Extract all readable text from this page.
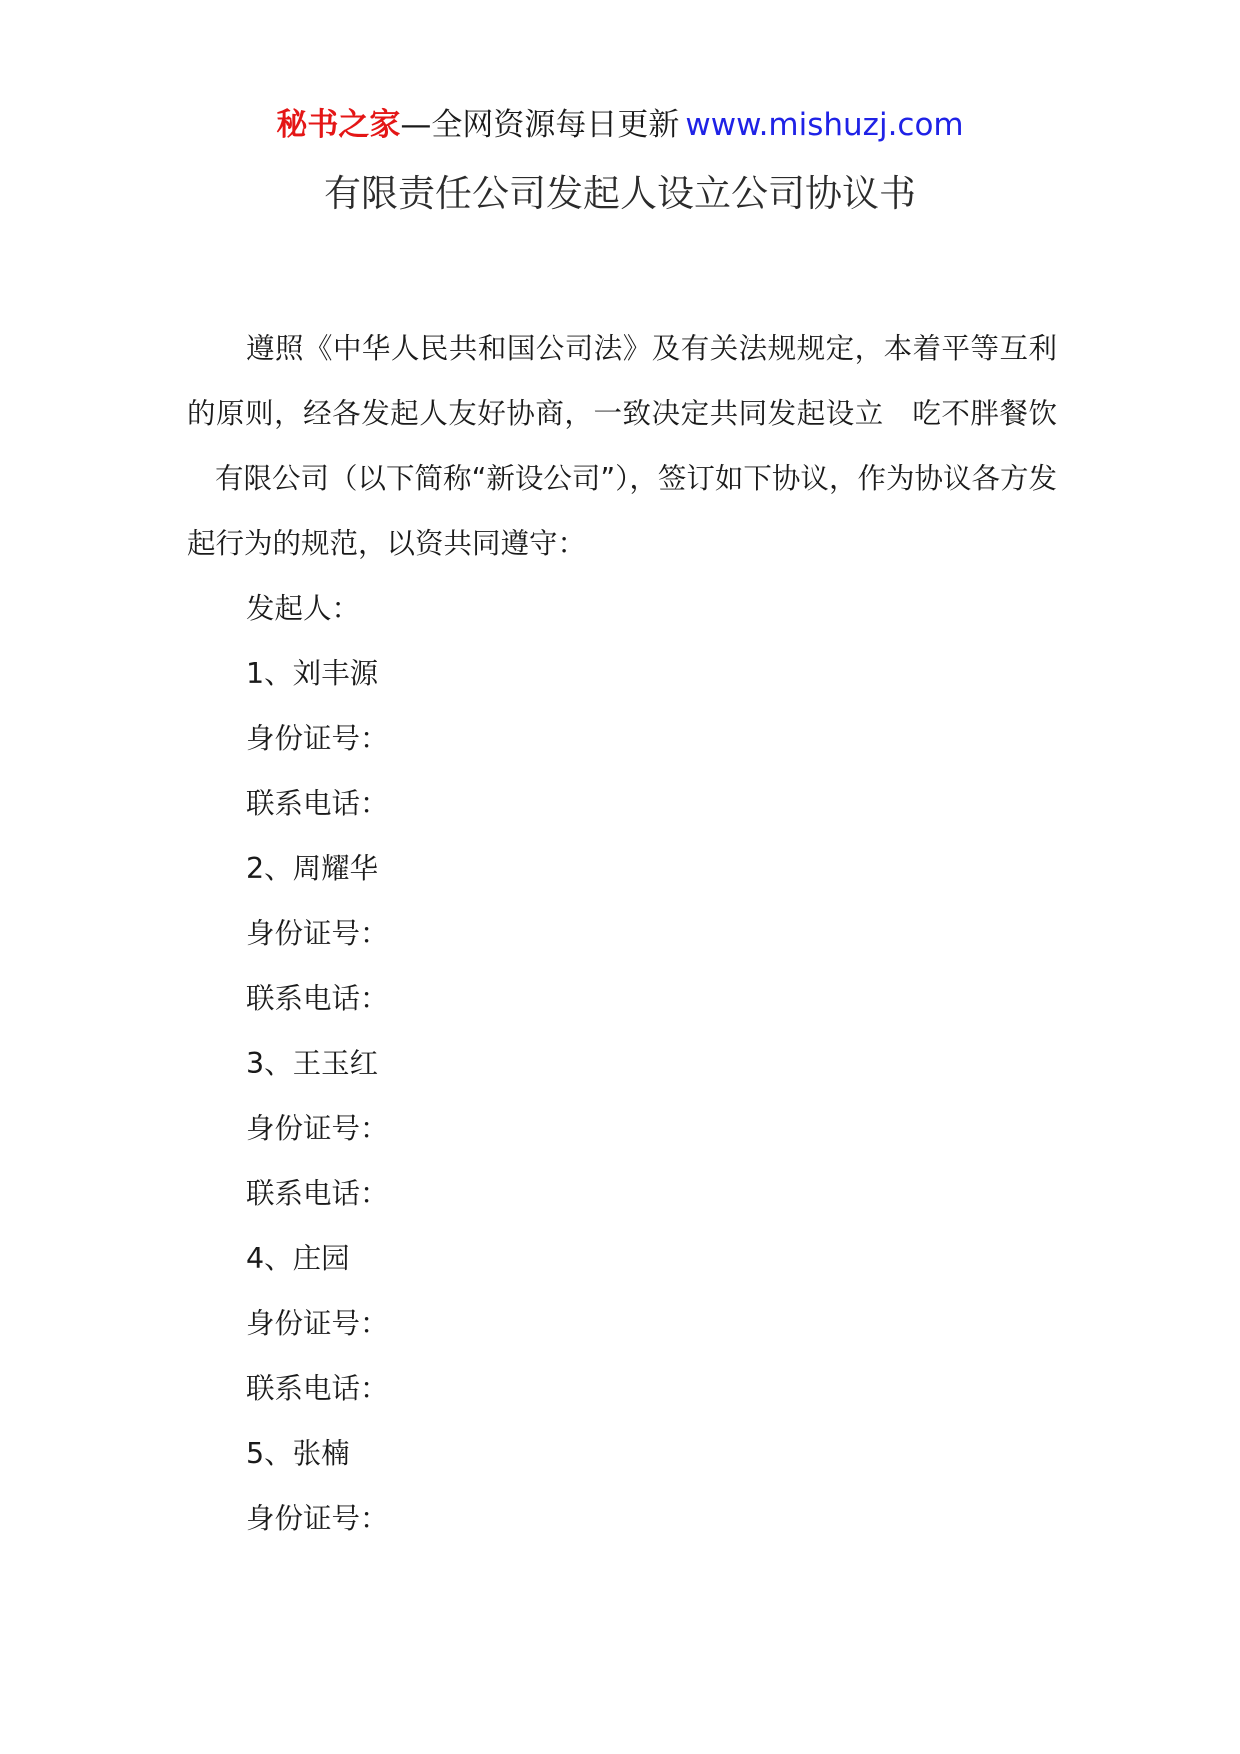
秘书之家—全网资源每日更新 www.mishuzj.com
有限责任公司发起人设立公司协议书

遵照《中华人民共和国公司法》及有关法规规定，本着平等互利的原则，经各发起人友好协商，一致决定共同发起设立 吃不胖餐饮有限公司（以下简称“新设公司”），签订如下协议，作为协议各方发起行为的规范，以资共同遵守：

发起人：

1、刘丰源

身份证号：

联系电话：

2、周耀华

身份证号：

联系电话：

3、王玉红

身份证号：

联系电话：

4、庄园

身份证号：

联系电话：

5、张楠

身份证号：
